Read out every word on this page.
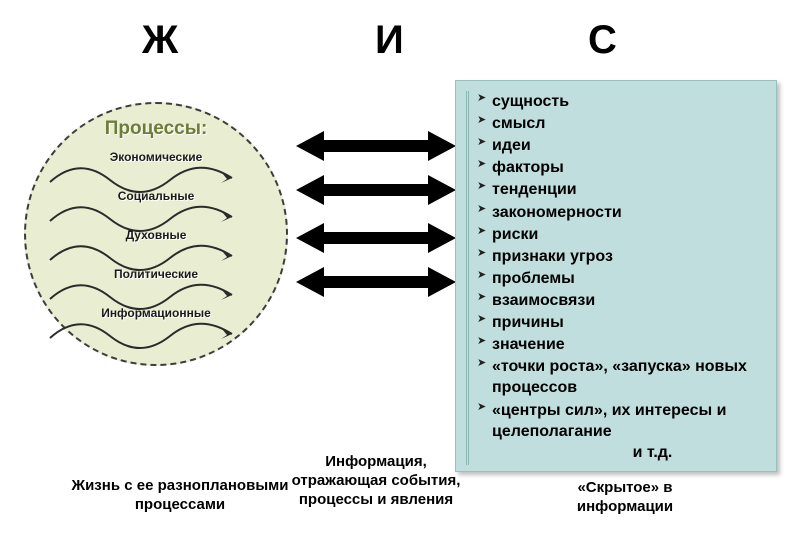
Ж	И	С
Процессы:
Экономические
Социальные
Духовные
Политические
Информационные
➤ сущность
➤ смысл
➤ идеи
➤ факторы
➤ тенденции
➤ закономерности
➤ риски
➤ признаки угроз
➤ проблемы
➤ взаимосвязи
➤ причины
➤ значение
➤ «точки роста», «запуска» новых процессов
➤ «центры сил», их интересы и целеполагание
и т.д.
Жизнь с ее разноплановыми процессами
Информация, отражающая события, процессы и явления
«Скрытое» в информации
